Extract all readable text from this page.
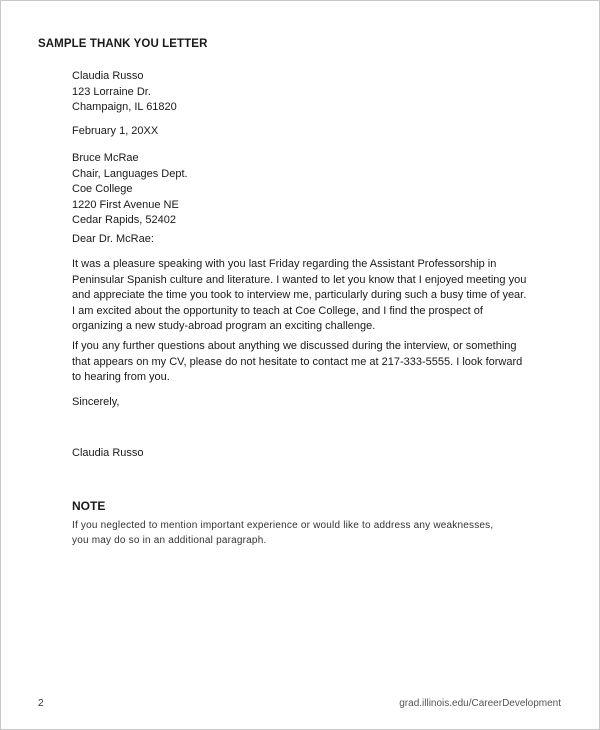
SAMPLE THANK YOU LETTER
Claudia Russo
123 Lorraine Dr.
Champaign, IL 61820
February 1, 20XX
Bruce McRae
Chair, Languages Dept.
Coe College
1220 First Avenue NE
Cedar Rapids, 52402
Dear Dr. McRae:
It was a pleasure speaking with you last Friday regarding the Assistant Professorship in
Peninsular Spanish culture and literature. I wanted to let you know that I enjoyed meeting you
and appreciate the time you took to interview me, particularly during such a busy time of year.
I am excited about the opportunity to teach at Coe College, and I find the prospect of
organizing a new study-abroad program an exciting challenge.
If you any further questions about anything we discussed during the interview, or something
that appears on my CV, please do not hesitate to contact me at 217-333-5555. I look forward
to hearing from you.
Sincerely,
Claudia Russo
NOTE
If you neglected to mention important experience or would like to address any weaknesses,
you may do so in an additional paragraph.
2	grad.illinois.edu/CareerDevelopment
